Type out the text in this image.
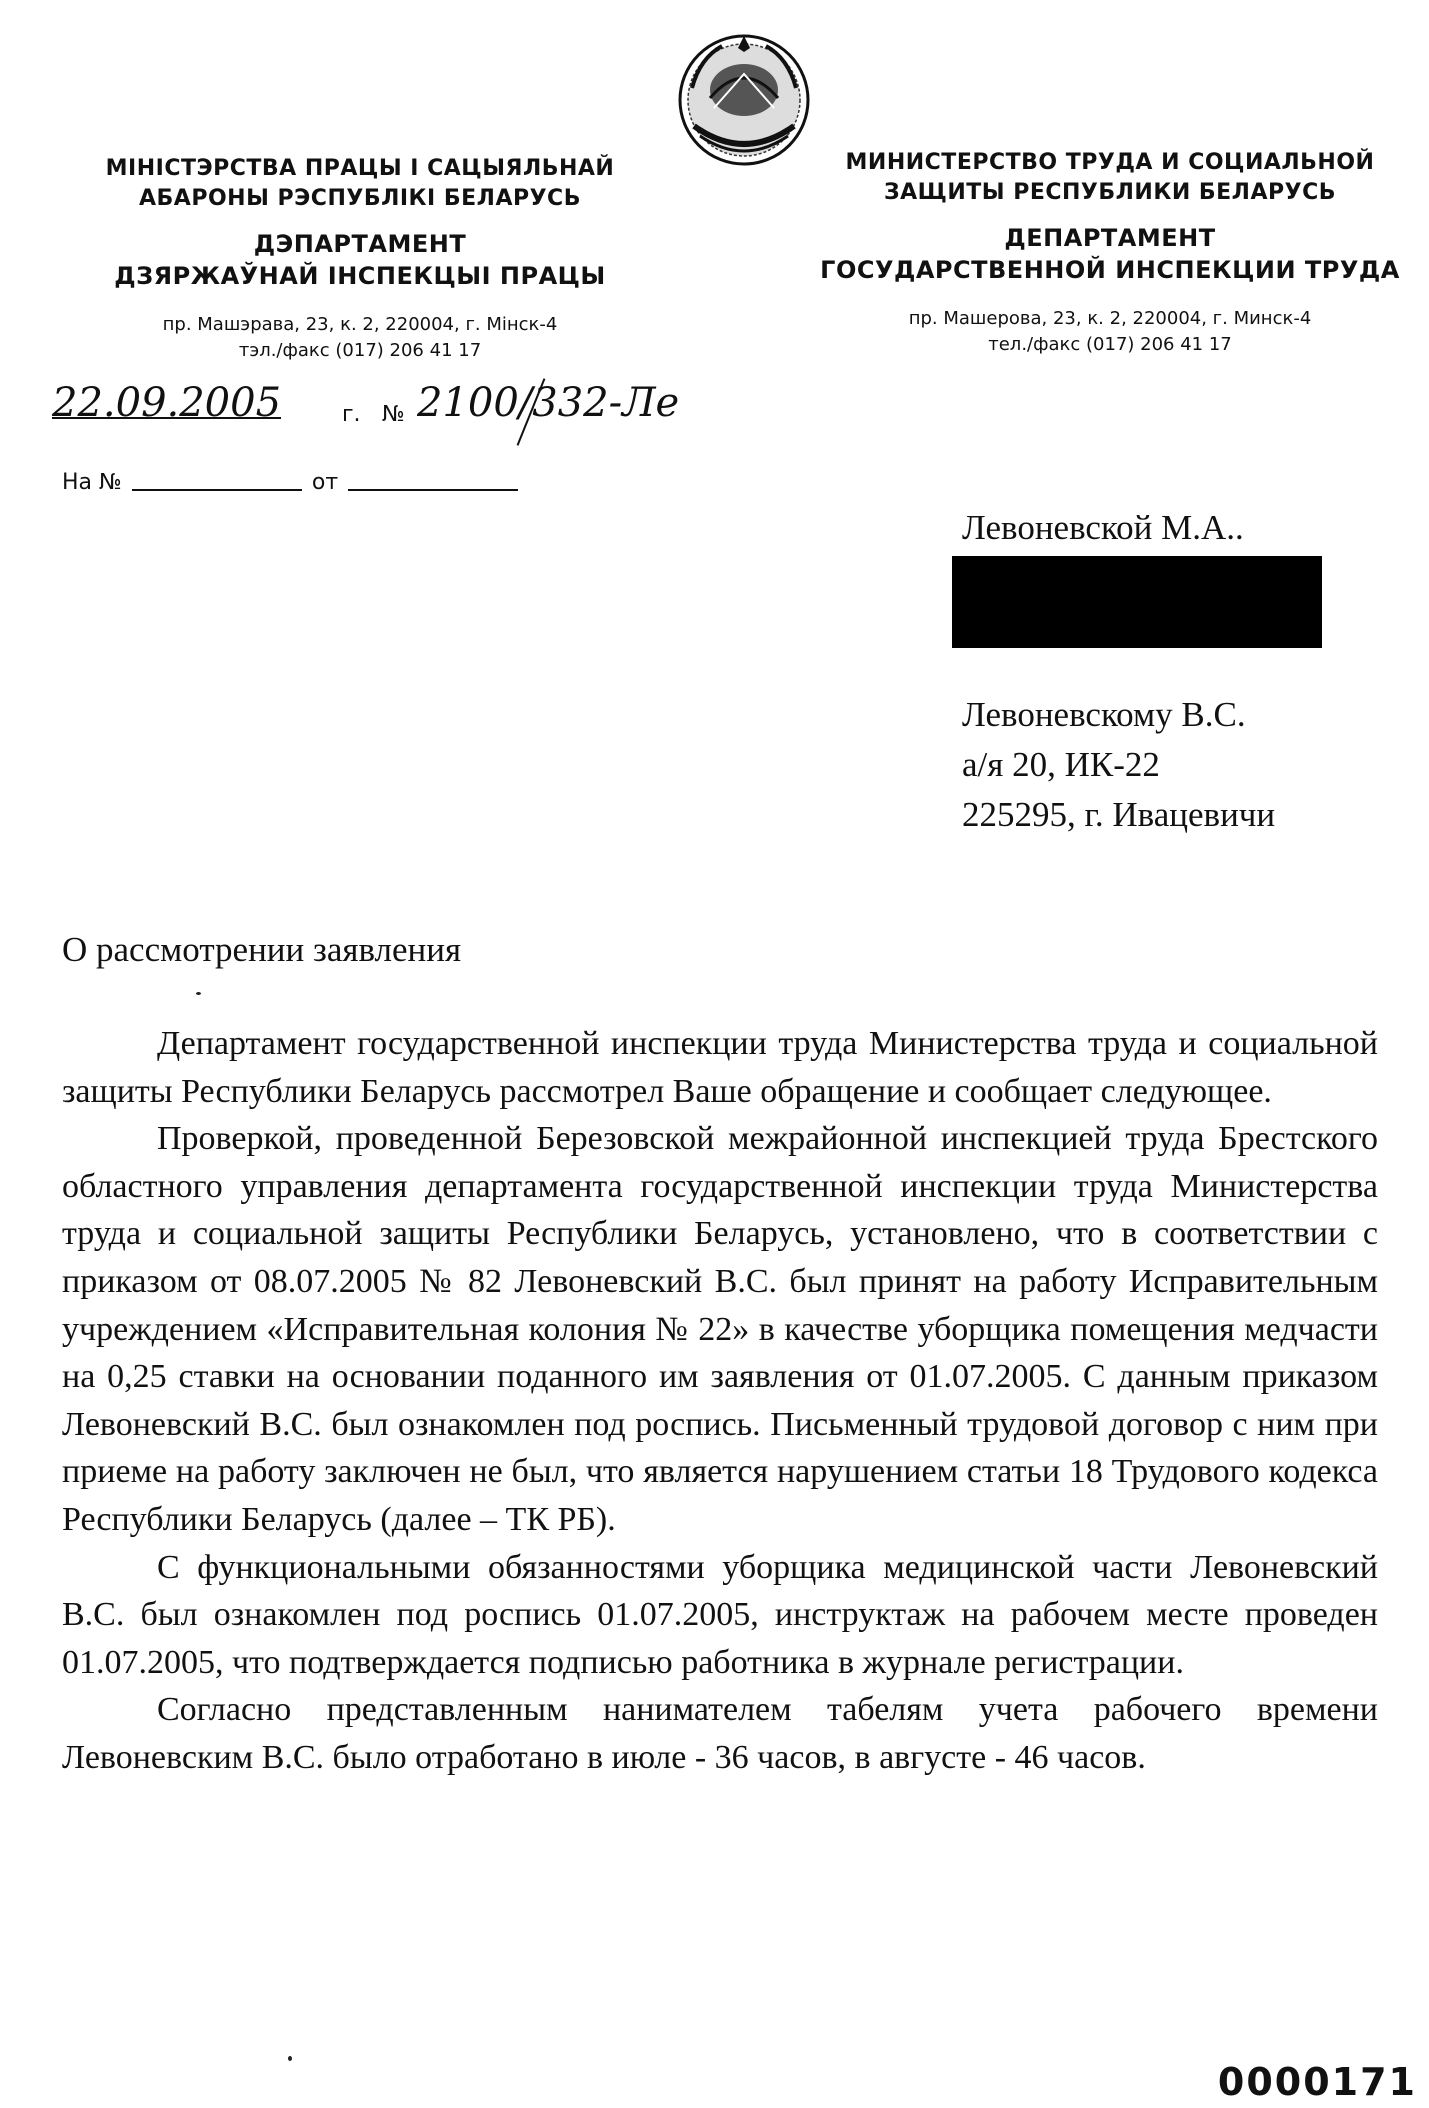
МІНІСТЭРСТВА ПРАЦЫ І САЦЫЯЛЬНАЙ
АБАРОНЫ РЭСПУБЛІКІ БЕЛАРУСЬ
ДЭПАРТАМЕНТ
ДЗЯРЖАЎНАЙ ІНСПЕКЦЫІ ПРАЦЫ
пр. Машэрава, 23, к. 2, 220004, г. Мінск-4
тэл./факс (017) 206 41 17
МИНИСТЕРСТВО ТРУДА И СОЦИАЛЬНОЙ
ЗАЩИТЫ РЕСПУБЛИКИ БЕЛАРУСЬ
ДЕПАРТАМЕНТ
ГОСУДАРСТВЕННОЙ ИНСПЕКЦИИ ТРУДА
пр. Машерова, 23, к. 2, 220004, г. Минск-4
тел./факс (017) 206 41 17
22.09.2005	г. № 2100/332-Ле
На №	от
Левоневской М.А..
Левоневскому В.С.
а/я 20, ИК-22
225295, г. Ивацевичи
О рассмотрении заявления

Департамент государственной инспекции труда Министерства труда и социальной защиты Республики Беларусь рассмотрел Ваше обращение и сообщает следующее.

Проверкой, проведенной Березовской межрайонной инспекцией труда Брестского областного управления департамента государственной инспекции труда Министерства труда и социальной защиты Республики Беларусь, установлено, что в соответствии с приказом от 08.07.2005 № 82 Левоневский В.С. был принят на работу Исправительным учреждением «Исправительная колония № 22» в качестве уборщика помещения медчасти на 0,25 ставки на основании поданного им заявления от 01.07.2005. С данным приказом Левоневский В.С. был ознакомлен под роспись. Письменный трудовой договор с ним при приеме на работу заключен не был, что является нарушением статьи 18 Трудового кодекса Республики Беларусь (далее – ТК РБ).

С функциональными обязанностями уборщика медицинской части Левоневский В.С. был ознакомлен под роспись 01.07.2005, инструктаж на рабочем месте проведен 01.07.2005, что подтверждается подписью работника в журнале регистрации.

Согласно представленным нанимателем табелям учета рабочего времени Левоневским В.С. было отработано в июле - 36 часов, в августе - 46 часов.

0000171
